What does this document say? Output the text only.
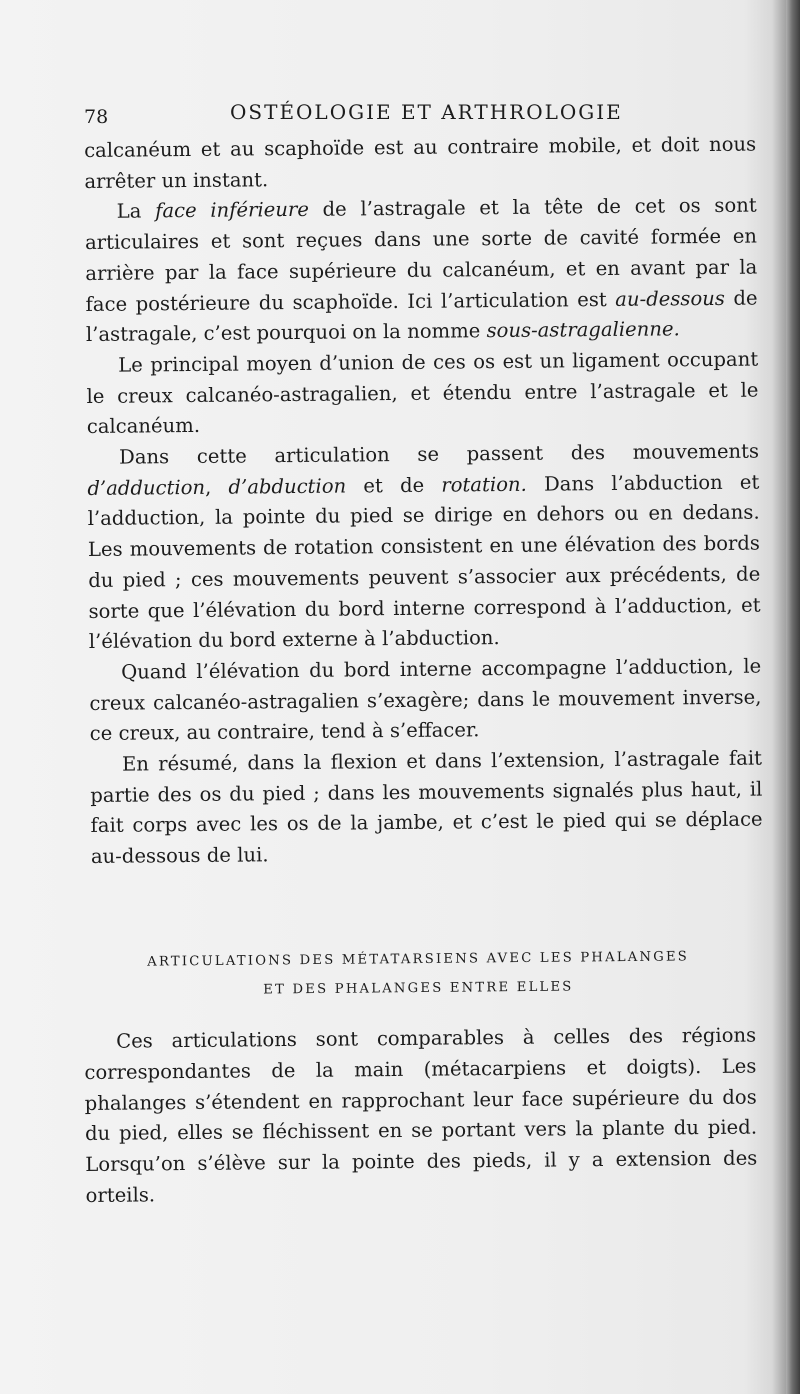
78	OSTÉOLOGIE ET ARTHROLOGIE

calcanéum et au scaphoïde est au contraire mobile, et doit nous arrêter un instant.

La face inférieure de l’astragale et la tête de cet os sont articulaires et sont reçues dans une sorte de cavité formée en arrière par la face supérieure du calcanéum, et en avant par la face postérieure du scaphoïde. Ici l’articulation est au-dessous de l’astragale, c’est pourquoi on la nomme sous-astragalienne.

Le principal moyen d’union de ces os est un ligament occupant le creux calcanéo-astragalien, et étendu entre l’astragale et le calcanéum.

Dans cette articulation se passent des mouvements d’adduction, d’abduction et de rotation. Dans l’abduction et l’adduction, la pointe du pied se dirige en dehors ou en dedans. Les mouvements de rotation consistent en une élévation des bords du pied ; ces mouvements peuvent s’associer aux précédents, de sorte que l’élévation du bord interne correspond à l’adduction, et l’élévation du bord externe à l’abduction.

Quand l’élévation du bord interne accompagne l’adduction, le creux calcanéo-astragalien s’exagère; dans le mouvement inverse, ce creux, au contraire, tend à s’effacer.

En résumé, dans la flexion et dans l’extension, l’astragale fait partie des os du pied ; dans les mouvements signalés plus haut, il fait corps avec les os de la jambe, et c’est le pied qui se déplace au-dessous de lui.

ARTICULATIONS DES MÉTATARSIENS AVEC LES PHALANGES
ET DES PHALANGES ENTRE ELLES

Ces articulations sont comparables à celles des régions correspondantes de la main (métacarpiens et doigts). Les phalanges s’étendent en rapprochant leur face supérieure du dos du pied, elles se fléchissent en se portant vers la plante du pied. Lorsqu’on s’élève sur la pointe des pieds, il y a extension des orteils.
